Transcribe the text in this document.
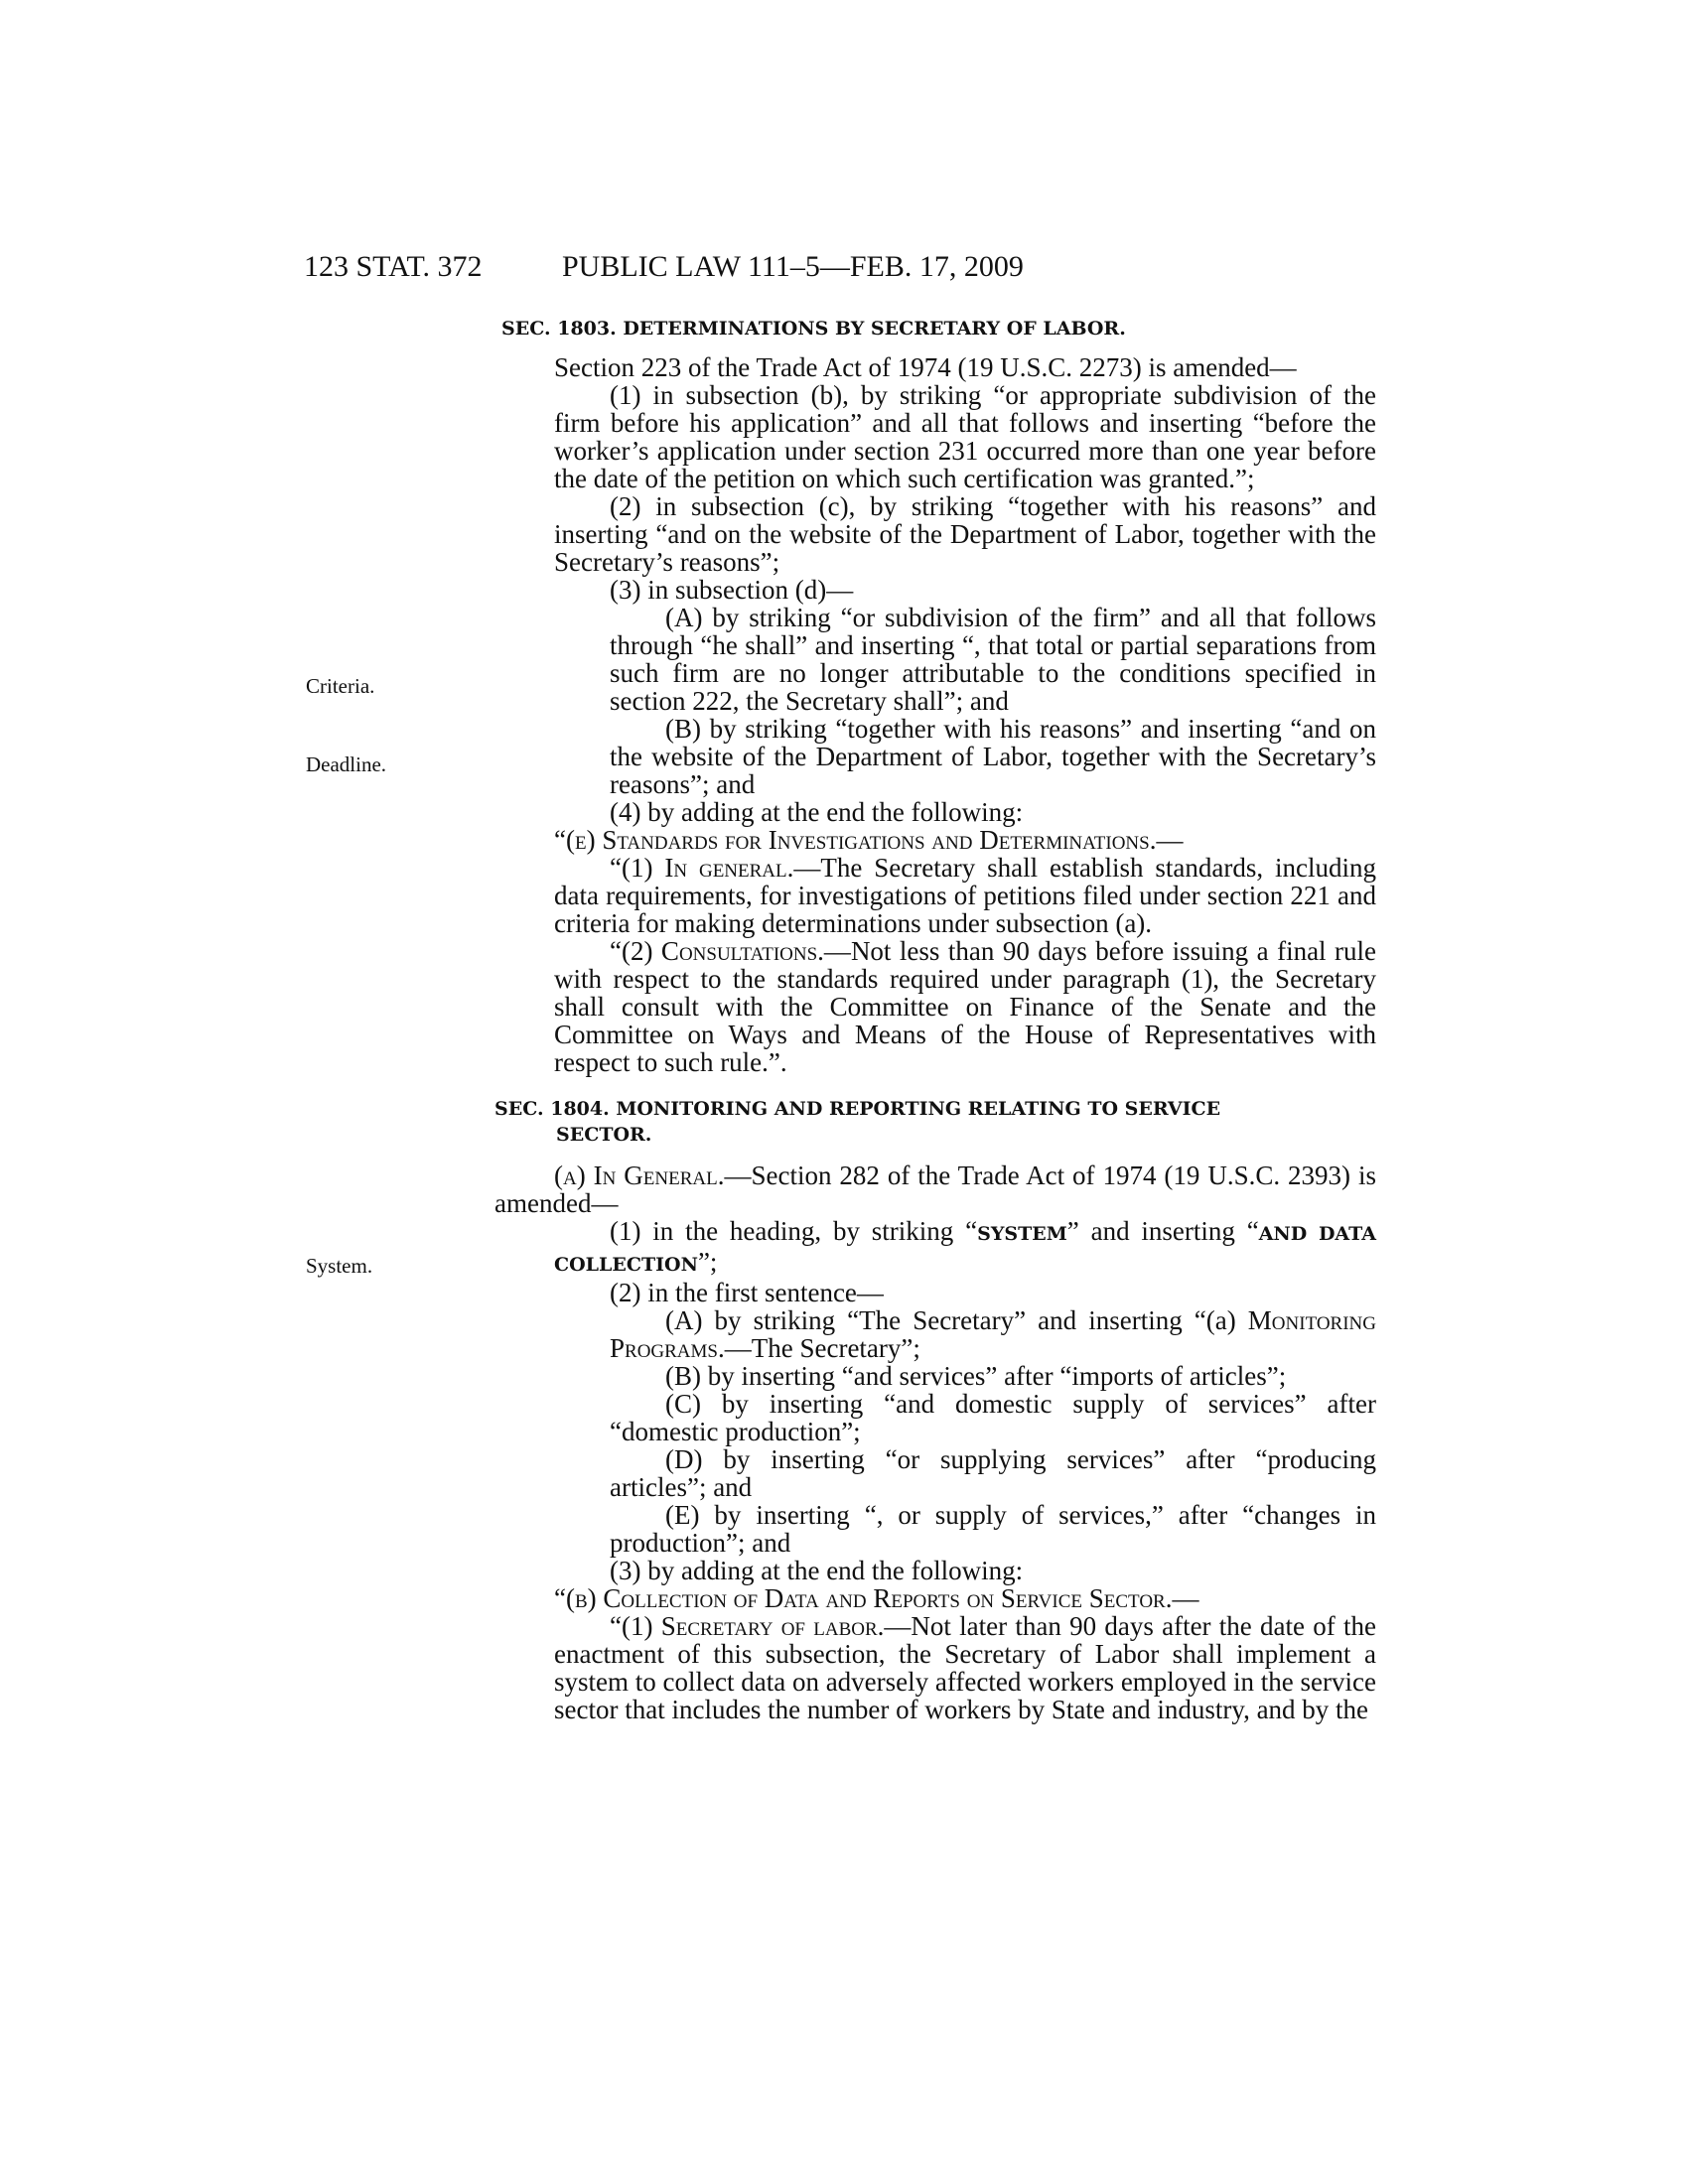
123 STAT. 372	PUBLIC LAW 111–5—FEB. 17, 2009
Criteria.
Deadline.
System.
SEC. 1803. DETERMINATIONS BY SECRETARY OF LABOR.

Section 223 of the Trade Act of 1974 (19 U.S.C. 2273) is amended—

(1) in subsection (b), by striking “or appropriate subdivision of the firm before his application” and all that follows and inserting “before the worker’s application under section 231 occurred more than one year before the date of the petition on which such certification was granted.”;

(2) in subsection (c), by striking “together with his reasons” and inserting “and on the website of the Department of Labor, together with the Secretary’s reasons”;

(3) in subsection (d)—

(A) by striking “or subdivision of the firm” and all that follows through “he shall” and inserting “, that total or partial separations from such firm are no longer attributable to the conditions specified in section 222, the Secretary shall”; and

(B) by striking “together with his reasons” and inserting “and on the website of the Department of Labor, together with the Secretary’s reasons”; and

(4) by adding at the end the following:

“(e) Standards for Investigations and Determinations.—

“(1) In general.—The Secretary shall establish standards, including data requirements, for investigations of petitions filed under section 221 and criteria for making determinations under subsection (a).

“(2) Consultations.—Not less than 90 days before issuing a final rule with respect to the standards required under paragraph (1), the Secretary shall consult with the Committee on Finance of the Senate and the Committee on Ways and Means of the House of Representatives with respect to such rule.”.

SEC. 1804. MONITORING AND REPORTING RELATING TO SERVICE
SECTOR.

(a) In General.—Section 282 of the Trade Act of 1974 (19 U.S.C. 2393) is amended—

(1) in the heading, by striking “SYSTEM” and inserting “AND DATA COLLECTION”;

(2) in the first sentence—

(A) by striking “The Secretary” and inserting “(a) Monitoring Programs.—The Secretary”;

(B) by inserting “and services” after “imports of articles”;

(C) by inserting “and domestic supply of services” after “domestic production”;

(D) by inserting “or supplying services” after “producing articles”; and

(E) by inserting “, or supply of services,” after “changes in production”; and

(3) by adding at the end the following:

“(b) Collection of Data and Reports on Service Sector.—

“(1) Secretary of labor.—Not later than 90 days after the date of the enactment of this subsection, the Secretary of Labor shall implement a system to collect data on adversely affected workers employed in the service sector that includes the number of workers by State and industry, and by the
